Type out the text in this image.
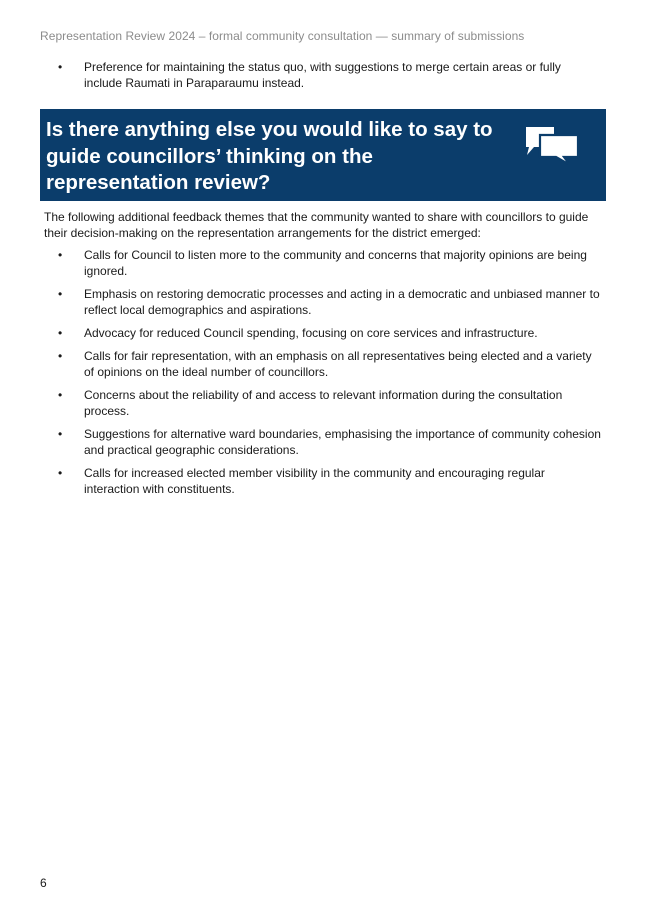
Representation Review 2024 – formal community consultation — summary of submissions
• Preference for maintaining the status quo, with suggestions to merge certain areas or fully include Raumati in Paraparaumu instead.
Is there anything else you would like to say to guide councillors’ thinking on the representation review?
The following additional feedback themes that the community wanted to share with councillors to guide their decision-making on the representation arrangements for the district emerged:
• Calls for Council to listen more to the community and concerns that majority opinions are being ignored.
• Emphasis on restoring democratic processes and acting in a democratic and unbiased manner to reflect local demographics and aspirations.
• Advocacy for reduced Council spending, focusing on core services and infrastructure.
• Calls for fair representation, with an emphasis on all representatives being elected and a variety of opinions on the ideal number of councillors.
• Concerns about the reliability of and access to relevant information during the consultation process.
• Suggestions for alternative ward boundaries, emphasising the importance of community cohesion and practical geographic considerations.
• Calls for increased elected member visibility in the community and encouraging regular interaction with constituents.
6
